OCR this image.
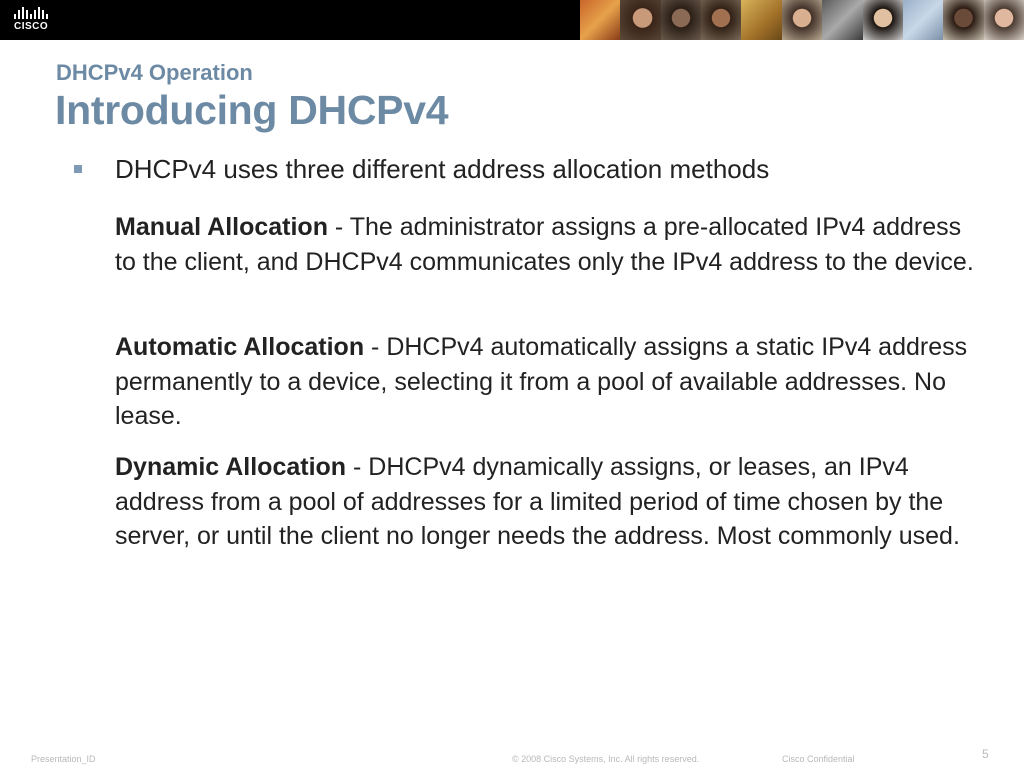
CISCO
DHCPv4 Operation
Introducing DHCPv4
DHCPv4 uses three different address allocation methods
Manual Allocation - The administrator assigns a pre-allocated IPv4 address to the client, and DHCPv4 communicates only the IPv4 address to the device.
Automatic Allocation - DHCPv4 automatically assigns a static IPv4 address permanently to a device, selecting it from a pool of available addresses. No lease.
Dynamic Allocation - DHCPv4 dynamically assigns, or leases, an IPv4 address from a pool of addresses for a limited period of time chosen by the server, or until the client no longer needs the address. Most commonly used.
Presentation_ID	© 2008 Cisco Systems, Inc. All rights reserved.	Cisco Confidential	5
